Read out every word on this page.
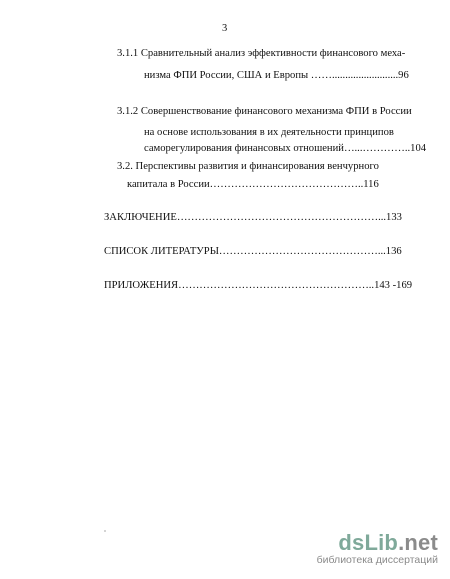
3
3.1.1 Сравнительный анализ эффективности финансового меха-
низма ФПИ России, США и Европы …….........................96
3.1.2 Совершенствование финансового механизма ФПИ в России
на основе использования в их деятельности принципов
саморегулирования финансовых отношений…...…………..104
3.2. Перспективы развития и финансирования венчурного
капитала в России……………………………………..116
ЗАКЛЮЧЕНИЕ…………………………………………………...133
СПИСОК ЛИТЕРАТУРЫ………………………………………...136
ПРИЛОЖЕНИЯ………………………………………………..143 -169
dsLib.net
библиотека диссертаций
